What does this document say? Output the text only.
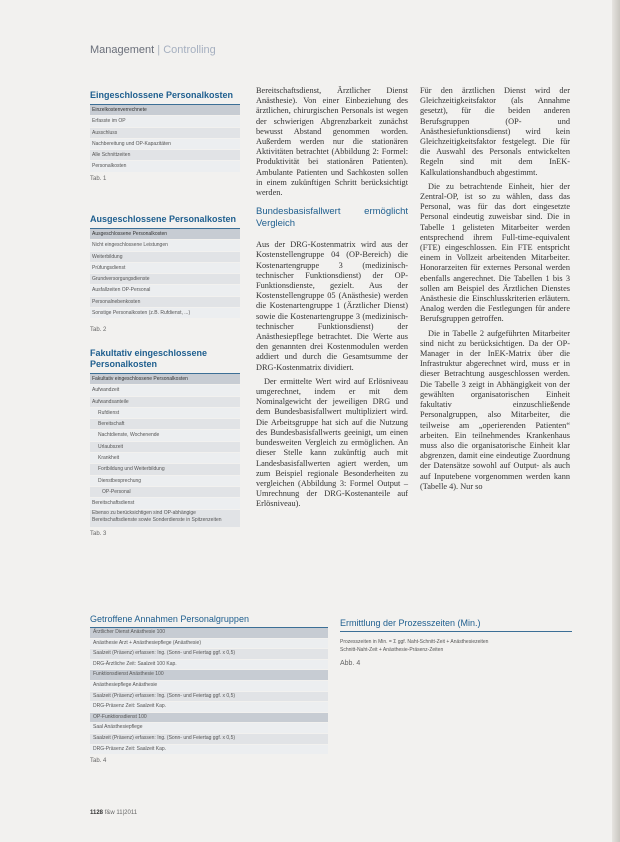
Management | Controlling
Eingeschlossene Personalkosten
Einzelkostenverrechnete
Erfasste im OP
Ausschluss
Nachbereitung und OP-Kapazitäten
Alle Schnittzeiten
Personalkosten
Tab. 1
Ausgeschlossene Personalkosten
Ausgeschlossene Personalkosten
Nicht eingeschlossene Leistungen
Weiterbildung
Prüfungsdienst
Grundversorgungsdienste
Ausfallzeiten OP-Personal
Personalnebenkosten
Sonstige Personalkosten (z.B. Rufdienst, ...)
Tab. 2
Fakultativ eingeschlossene Personalkosten
Fakultativ eingeschlossene Personalkosten
Aufwandzeit
Aufwandsanteile
Rufdienst
Bereitschaft
Nachtdienste, Wochenende
Urlaubszeit
Krankheit
Fortbildung und Weiterbildung
Dienstbesprechung
OP-Personal
Bereitschaftsdienst
Ebenso zu berücksichtigen sind OP-abhängige Bereitschaftsdienste sowie Sonderdienste in Spitzenzeiten
Tab. 3

Bereitschaftsdienst, Ärztlicher Dienst Anästhesie). Von einer Einbeziehung des ärztlichen, chirurgischen Personals ist wegen der schwierigen Abgrenzbarkeit zunächst bewusst Abstand genommen worden. Außerdem werden nur die stationären Aktivitäten betrachtet (Abbildung 2: Formel: Produktivität bei stationären Patienten). Ambulante Patienten und Sachkosten sollen in einem zukünftigen Schritt berücksichtigt werden.

Bundesbasisfallwert ermöglicht Vergleich

Aus der DRG-Kostenmatrix wird aus der Kostenstellengruppe 04 (OP-Bereich) die Kostenartengruppe 3 (medizinisch-technischer Funktionsdienst) der OP-Funktionsdienste, gezielt. Aus der Kostenstellengruppe 05 (Anästhesie) werden die Kostenartengruppe 1 (Ärztlicher Dienst) sowie die Kostenartengruppe 3 (medizinisch-technischer Funktionsdienst) der Anästhesiepflege betrachtet. Die Werte aus den genannten drei Kostenmodulen werden addiert und durch die Gesamtsumme der DRG-Kostenmatrix dividiert.

Der ermittelte Wert wird auf Erlösniveau umgerechnet, indem er mit dem Nominalgewicht der jeweiligen DRG und dem Bundesbasisfallwert multipliziert wird. Die Arbeitsgruppe hat sich auf die Nutzung des Bundesbasisfallwerts geeinigt, um einen bundesweiten Vergleich zu ermöglichen. An dieser Stelle kann zukünftig auch mit Landesbasisfallwerten agiert werden, um zum Beispiel regionale Besonderheiten zu vergleichen (Abbildung 3: Formel Output – Umrechnung der DRG-Kostenanteile auf Erlösniveau).

Für den ärztlichen Dienst wird der Gleichzeitigkeitsfaktor (als Annahme gesetzt), für die beiden anderen Berufsgruppen (OP- und Anästhesiefunktionsdienst) wird kein Gleichzeitigkeitsfaktor festgelegt. Die für die Auswahl des Personals entwickelten Regeln sind mit dem InEK-Kalkulationshandbuch abgestimmt.

Die zu betrachtende Einheit, hier der Zentral-OP, ist so zu wählen, dass das Personal, was für das dort eingesetzte Personal eindeutig zuweisbar sind. Die in Tabelle 1 gelisteten Mitarbeiter werden entsprechend ihrem Full-time-equivalent (FTE) eingeschlossen. Ein FTE entspricht einem in Vollzeit arbeitenden Mitarbeiter. Honorarzeiten für externes Personal werden ebenfalls angerechnet. Die Tabellen 1 bis 3 sollen am Beispiel des Ärztlichen Dienstes Anästhesie die Einschlusskriterien erläutern. Analog werden die Festlegungen für andere Berufsgruppen getroffen.

Die in Tabelle 2 aufgeführten Mitarbeiter sind nicht zu berücksichtigen. Da der OP-Manager in der InEK-Matrix über die Infrastruktur abgerechnet wird, muss er in dieser Betrachtung ausgeschlossen werden. Die Tabelle 3 zeigt in Abhängigkeit von der gewählten organisatorischen Einheit fakultativ einzuschließende Personalgruppen, also Mitarbeiter, die teilweise am „operierenden Patienten“ arbeiten. Ein teilnehmendes Krankenhaus muss also die organisatorische Einheit klar abgrenzen, damit eine eindeutige Zuordnung der Datensätze sowohl auf Output- als auch auf Inputebene vorgenommen werden kann (Tabelle 4). Nur so

Getroffene Annahmen Personalgruppen
Ärztlicher Dienst Anästhesie 100
Anästhesie Arzt + Anästhesiepflege (Anästhesie)
Saalzeit (Präsenz) erfassen: Ing. (Sonn- und Feiertag ggf. x 0,5)
DRG-Ärztliche Zeit: Saalzeit 100 Kap.
Funktionsdienst Anästhesie 100
Anästhesiepflege Anästhesie
Saalzeit (Präsenz) erfassen: Ing. (Sonn- und Feiertag ggf. x 0,5)
DRG-Präsenz Zeit: Saalzeit Kap.
OP-Funktionsdienst 100
Saal Anästhesiepflege
Saalzeit (Präsenz) erfassen: Ing. (Sonn- und Feiertag ggf. x 0,5)
DRG-Präsenz Zeit: Saalzeit Kap.
Tab. 4
Ermittlung der Prozesszeiten (Min.)
Prozesszeiten in Min. = Σ ggf. Naht-Schnitt-Zeit + Anästhesiezeiten
Schnitt-Naht-Zeit + Anästhesie-Präsenz-Zeiten
Abb. 4
1128 f&w 11|2011
